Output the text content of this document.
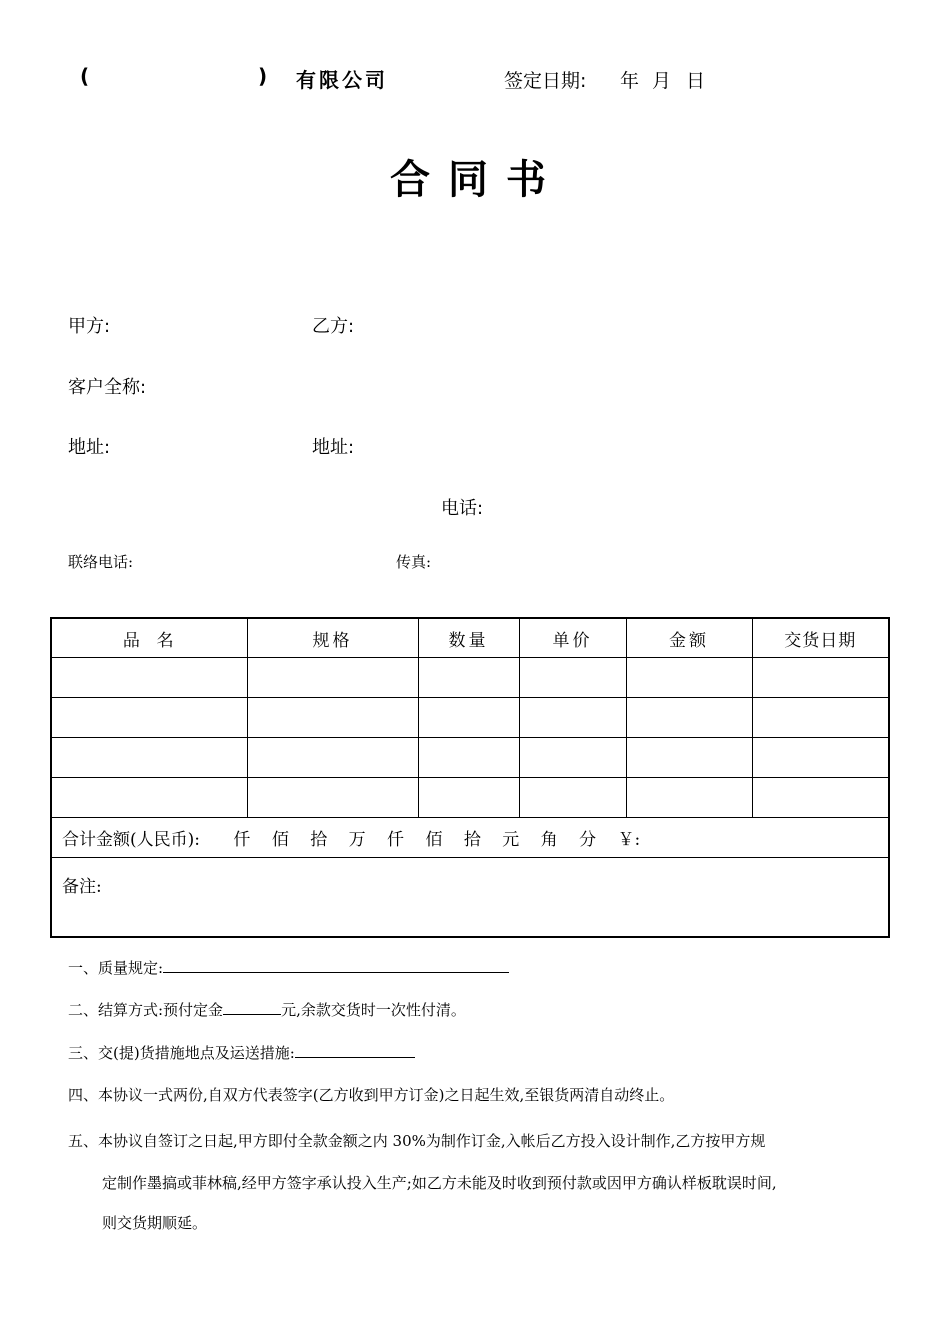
(	) 有限公司	签定日期: 年 月 日
合同书
甲方:	乙方:
客户全称:
地址:	地址:
电话:
联络电话:	传真:
品  名	规格	数量	单价	金额	交货日期

合计金额(人民币): 仟 佰 拾 万 仟 佰 拾 元 角 分 ￥:					
备注:					
一、质量规定:
二、结算方式:预付定金	元,余款交货时一次性付清。
三、交(提)货措施地点及运送措施:
四、本协议一式两份,自双方代表签字(乙方收到甲方订金)之日起生效,至银货两清自动终止。
五、本协议自签订之日起,甲方即付全款金额之内 30%为制作订金,入帐后乙方投入设计制作,乙方按甲方规
定制作墨搞或菲林稿,经甲方签字承认投入生产;如乙方未能及时收到预付款或因甲方确认样板耽误时间,
则交货期顺延。
